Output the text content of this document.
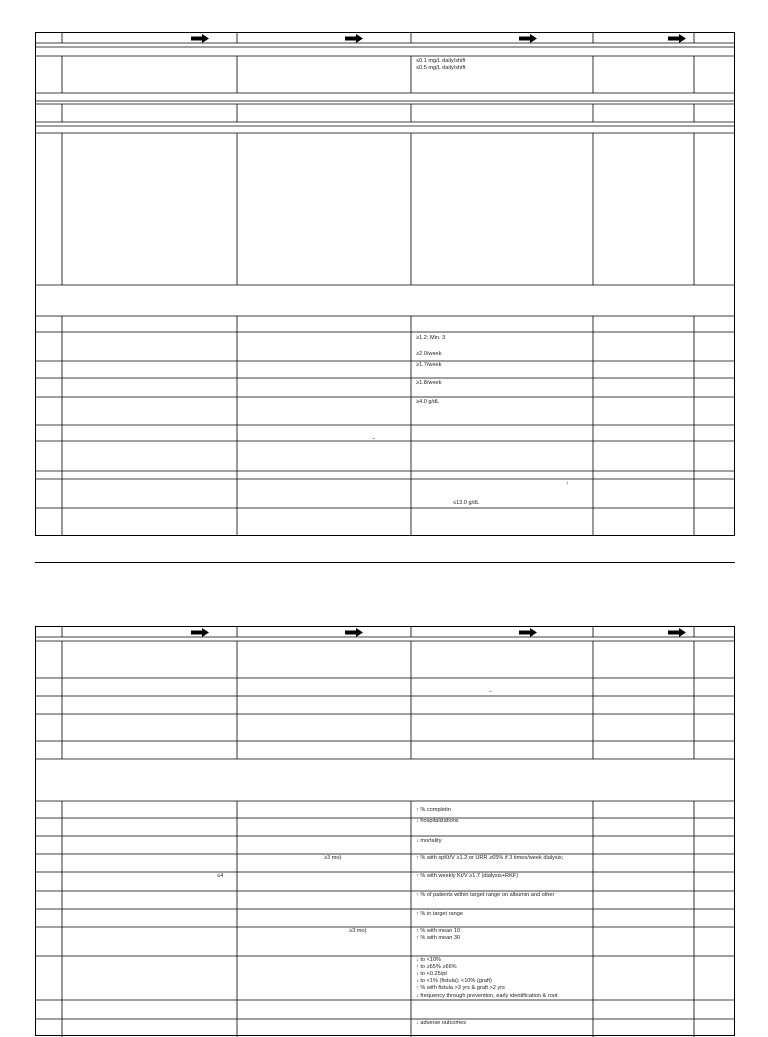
≤0.1 mg/L daily/shift
≤0.5 mg/L daily/shift
≥1.2; Min. 3
≥2.0/week
≥1.7/week
≥1.8/week
≥4.0 g/dL
–
↓
≤13.0 g/dL
–
≥3 mo)
≤4
≥3 mo)
↑ % completin
↓ hospitalizations
↓ mortality
↑ % with spKt/V ≥1.2 or URR ≥65% if 3 times/week dialysis;
↑ % with weekly Kt/V ≥1.7 (dialysis+RKF)
↑ % of patients within target range on albumin and other
↑ % in target range
↑ % with mean 10
↑ % with mean 30
↓ to <10%
↑ to ≥65% ≥66%
↓ to <0.25/pt
↓ to <1% (fistula); <10% (graft)
↑ % with fistula >3 yrs & graft >2 yrs
↓ frequency through prevention, early identification & root
↓ adverse outcomes
